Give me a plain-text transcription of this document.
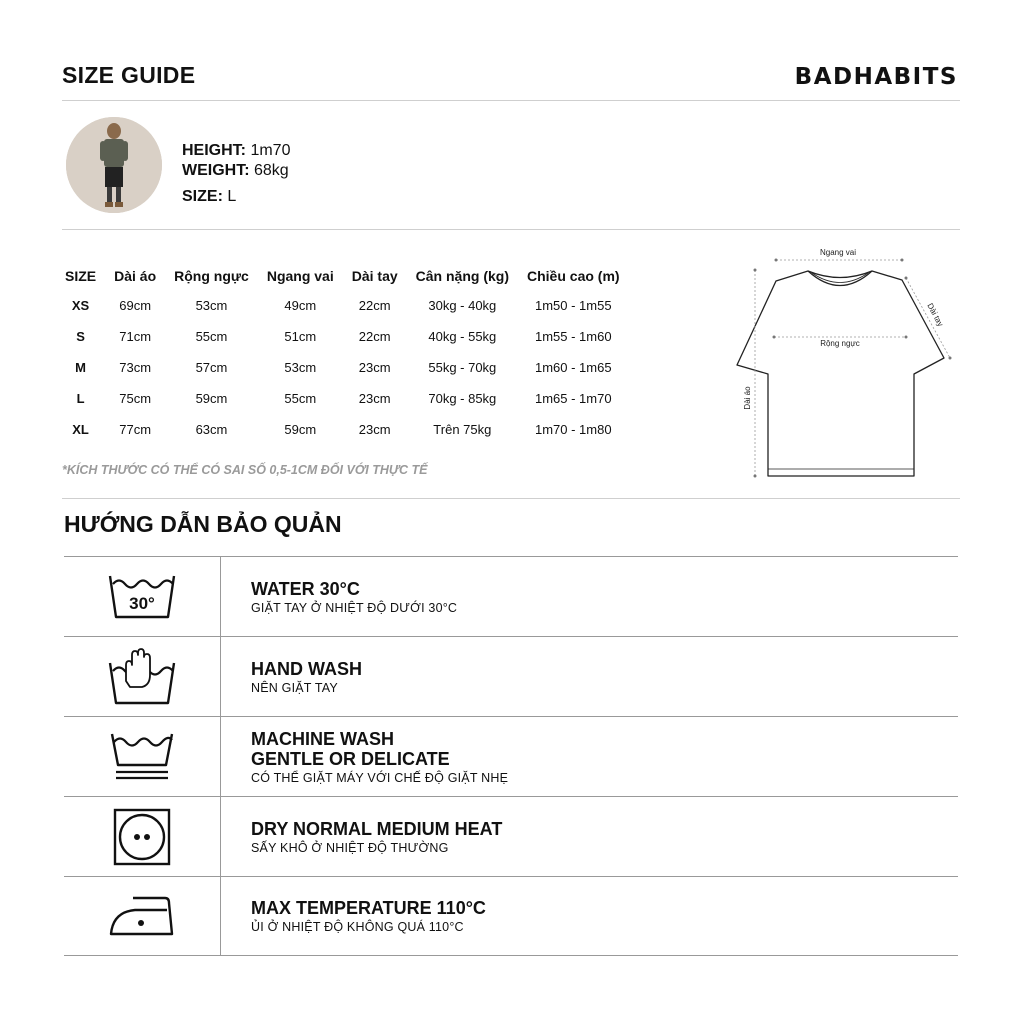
SIZE GUIDE	BADHABITS
HEIGHT: 1m70
WEIGHT: 68kg
SIZE: L
SIZE	Dài áo	Rộng ngực	Ngang vai	Dài tay	Cân nặng (kg)	Chiều cao (m)
XS	69cm	53cm	49cm	22cm	30kg - 40kg	1m50 - 1m55
S	71cm	55cm	51cm	22cm	40kg - 55kg	1m55 - 1m60
M	73cm	57cm	53cm	23cm	55kg - 70kg	1m60 - 1m65
L	75cm	59cm	55cm	23cm	70kg - 85kg	1m65 - 1m70
XL	77cm	63cm	59cm	23cm	Trên 75kg	1m70 - 1m80
*KÍCH THƯỚC CÓ THỂ CÓ SAI SỐ 0,5-1CM ĐỐI VỚI THỰC TẾ
Ngang vai
Dài tay
Rộng ngực
Dài áo
HƯỚNG DẪN BẢO QUẢN
30°
WATER 30°C
GIẶT TAY Ở NHIỆT ĐỘ DƯỚI 30°C
HAND WASH
NÊN GIẶT TAY
MACHINE WASH
GENTLE OR DELICATE
CÓ THỂ GIẶT MÁY VỚI CHẾ ĐỘ GIẶT NHẸ
DRY NORMAL MEDIUM HEAT
SẤY KHÔ Ở NHIỆT ĐỘ THƯỜNG
MAX TEMPERATURE 110°C
ỦI Ở NHIỆT ĐỘ KHÔNG QUÁ 110°C
